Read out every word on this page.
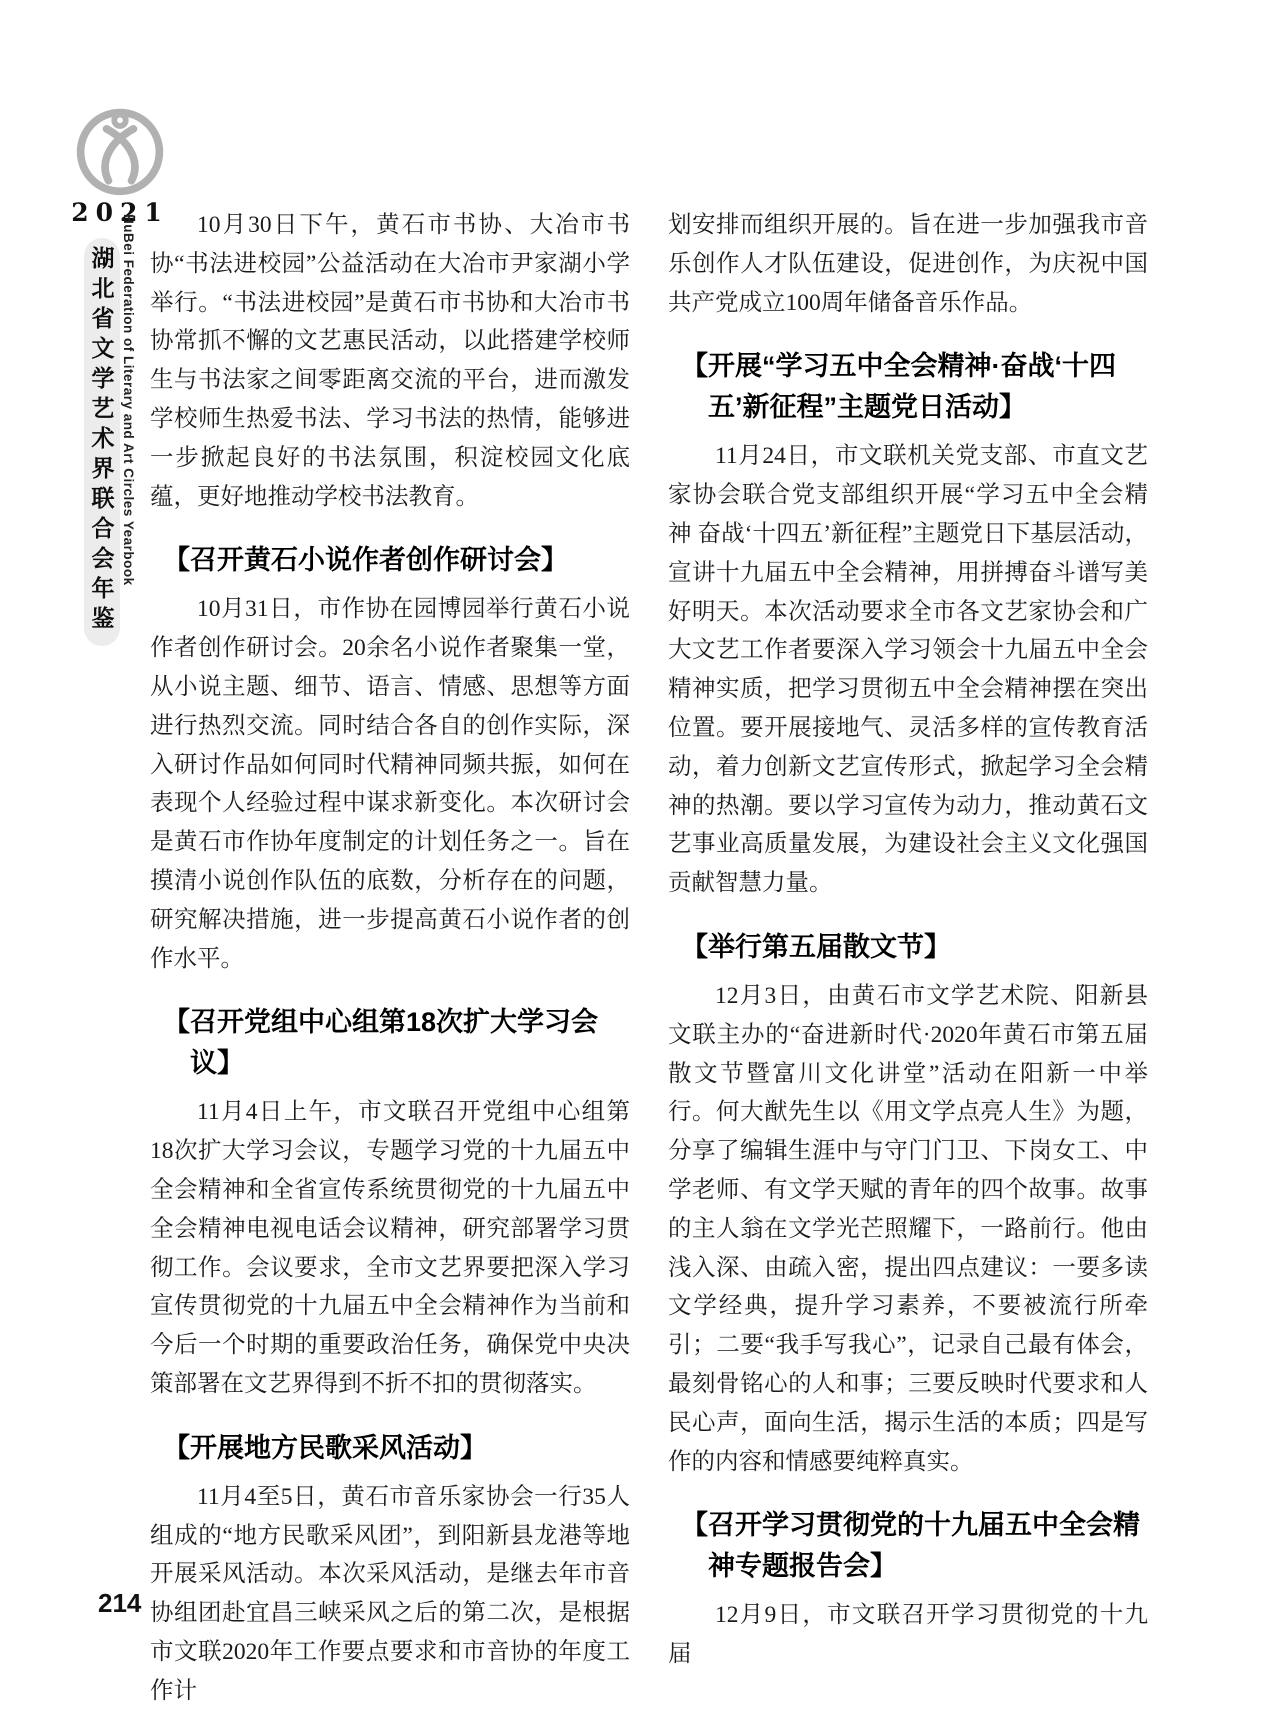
2021
湖北省文学艺术界联合会年鉴 HuBei Federation of Literary and Art Circles Yearbook	10月30日下午，黄石市书协、大冶市书协“书法进校园”公益活动在大冶市尹家湖小学举行。“书法进校园”是黄石市书协和大冶市书协常抓不懈的文艺惠民活动，以此搭建学校师生与书法家之间零距离交流的平台，进而激发学校师生热爱书法、学习书法的热情，能够进一步掀起良好的书法氛围，积淀校园文化底蕴，更好地推动学校书法教育。

【召开黄石小说作者创作研讨会】

10月31日，市作协在园博园举行黄石小说作者创作研讨会。20余名小说作者聚集一堂，从小说主题、细节、语言、情感、思想等方面进行热烈交流。同时结合各自的创作实际，深入研讨作品如何同时代精神同频共振，如何在表现个人经验过程中谋求新变化。本次研讨会是黄石市作协年度制定的计划任务之一。旨在摸清小说创作队伍的底数，分析存在的问题，研究解决措施，进一步提高黄石小说作者的创作水平。

【召开党组中心组第18次扩大学习会议】

11月4日上午，市文联召开党组中心组第18次扩大学习会议，专题学习党的十九届五中全会精神和全省宣传系统贯彻党的十九届五中全会精神电视电话会议精神，研究部署学习贯彻工作。会议要求，全市文艺界要把深入学习宣传贯彻党的十九届五中全会精神作为当前和今后一个时期的重要政治任务，确保党中央决策部署在文艺界得到不折不扣的贯彻落实。

【开展地方民歌采风活动】

11月4至5日，黄石市音乐家协会一行35人组成的“地方民歌采风团”，到阳新县龙港等地开展采风活动。本次采风活动，是继去年市音协组团赴宜昌三峡采风之后的第二次，是根据市文联2020年工作要点要求和市音协的年度工作计

划安排而组织开展的。旨在进一步加强我市音乐创作人才队伍建设，促进创作，为庆祝中国共产党成立100周年储备音乐作品。

【开展“学习五中全会精神·奋战‘十四五’新征程”主题党日活动】

11月24日，市文联机关党支部、市直文艺家协会联合党支部组织开展“学习五中全会精神 奋战‘十四五’新征程”主题党日下基层活动，宣讲十九届五中全会精神，用拼搏奋斗谱写美好明天。本次活动要求全市各文艺家协会和广大文艺工作者要深入学习领会十九届五中全会精神实质，把学习贯彻五中全会精神摆在突出位置。要开展接地气、灵活多样的宣传教育活动，着力创新文艺宣传形式，掀起学习全会精神的热潮。要以学习宣传为动力，推动黄石文艺事业高质量发展，为建设社会主义文化强国贡献智慧力量。

【举行第五届散文节】

12月3日，由黄石市文学艺术院、阳新县文联主办的“奋进新时代·2020年黄石市第五届散文节暨富川文化讲堂”活动在阳新一中举行。何大猷先生以《用文学点亮人生》为题，分享了编辑生涯中与守门门卫、下岗女工、中学老师、有文学天赋的青年的四个故事。故事的主人翁在文学光芒照耀下，一路前行。他由浅入深、由疏入密，提出四点建议：一要多读文学经典，提升学习素养，不要被流行所牵引；二要“我手写我心”，记录自己最有体会，最刻骨铭心的人和事；三要反映时代要求和人民心声，面向生活，揭示生活的本质；四是写作的内容和情感要纯粹真实。

【召开学习贯彻党的十九届五中全会精神专题报告会】

12月9日，市文联召开学习贯彻党的十九届

214
